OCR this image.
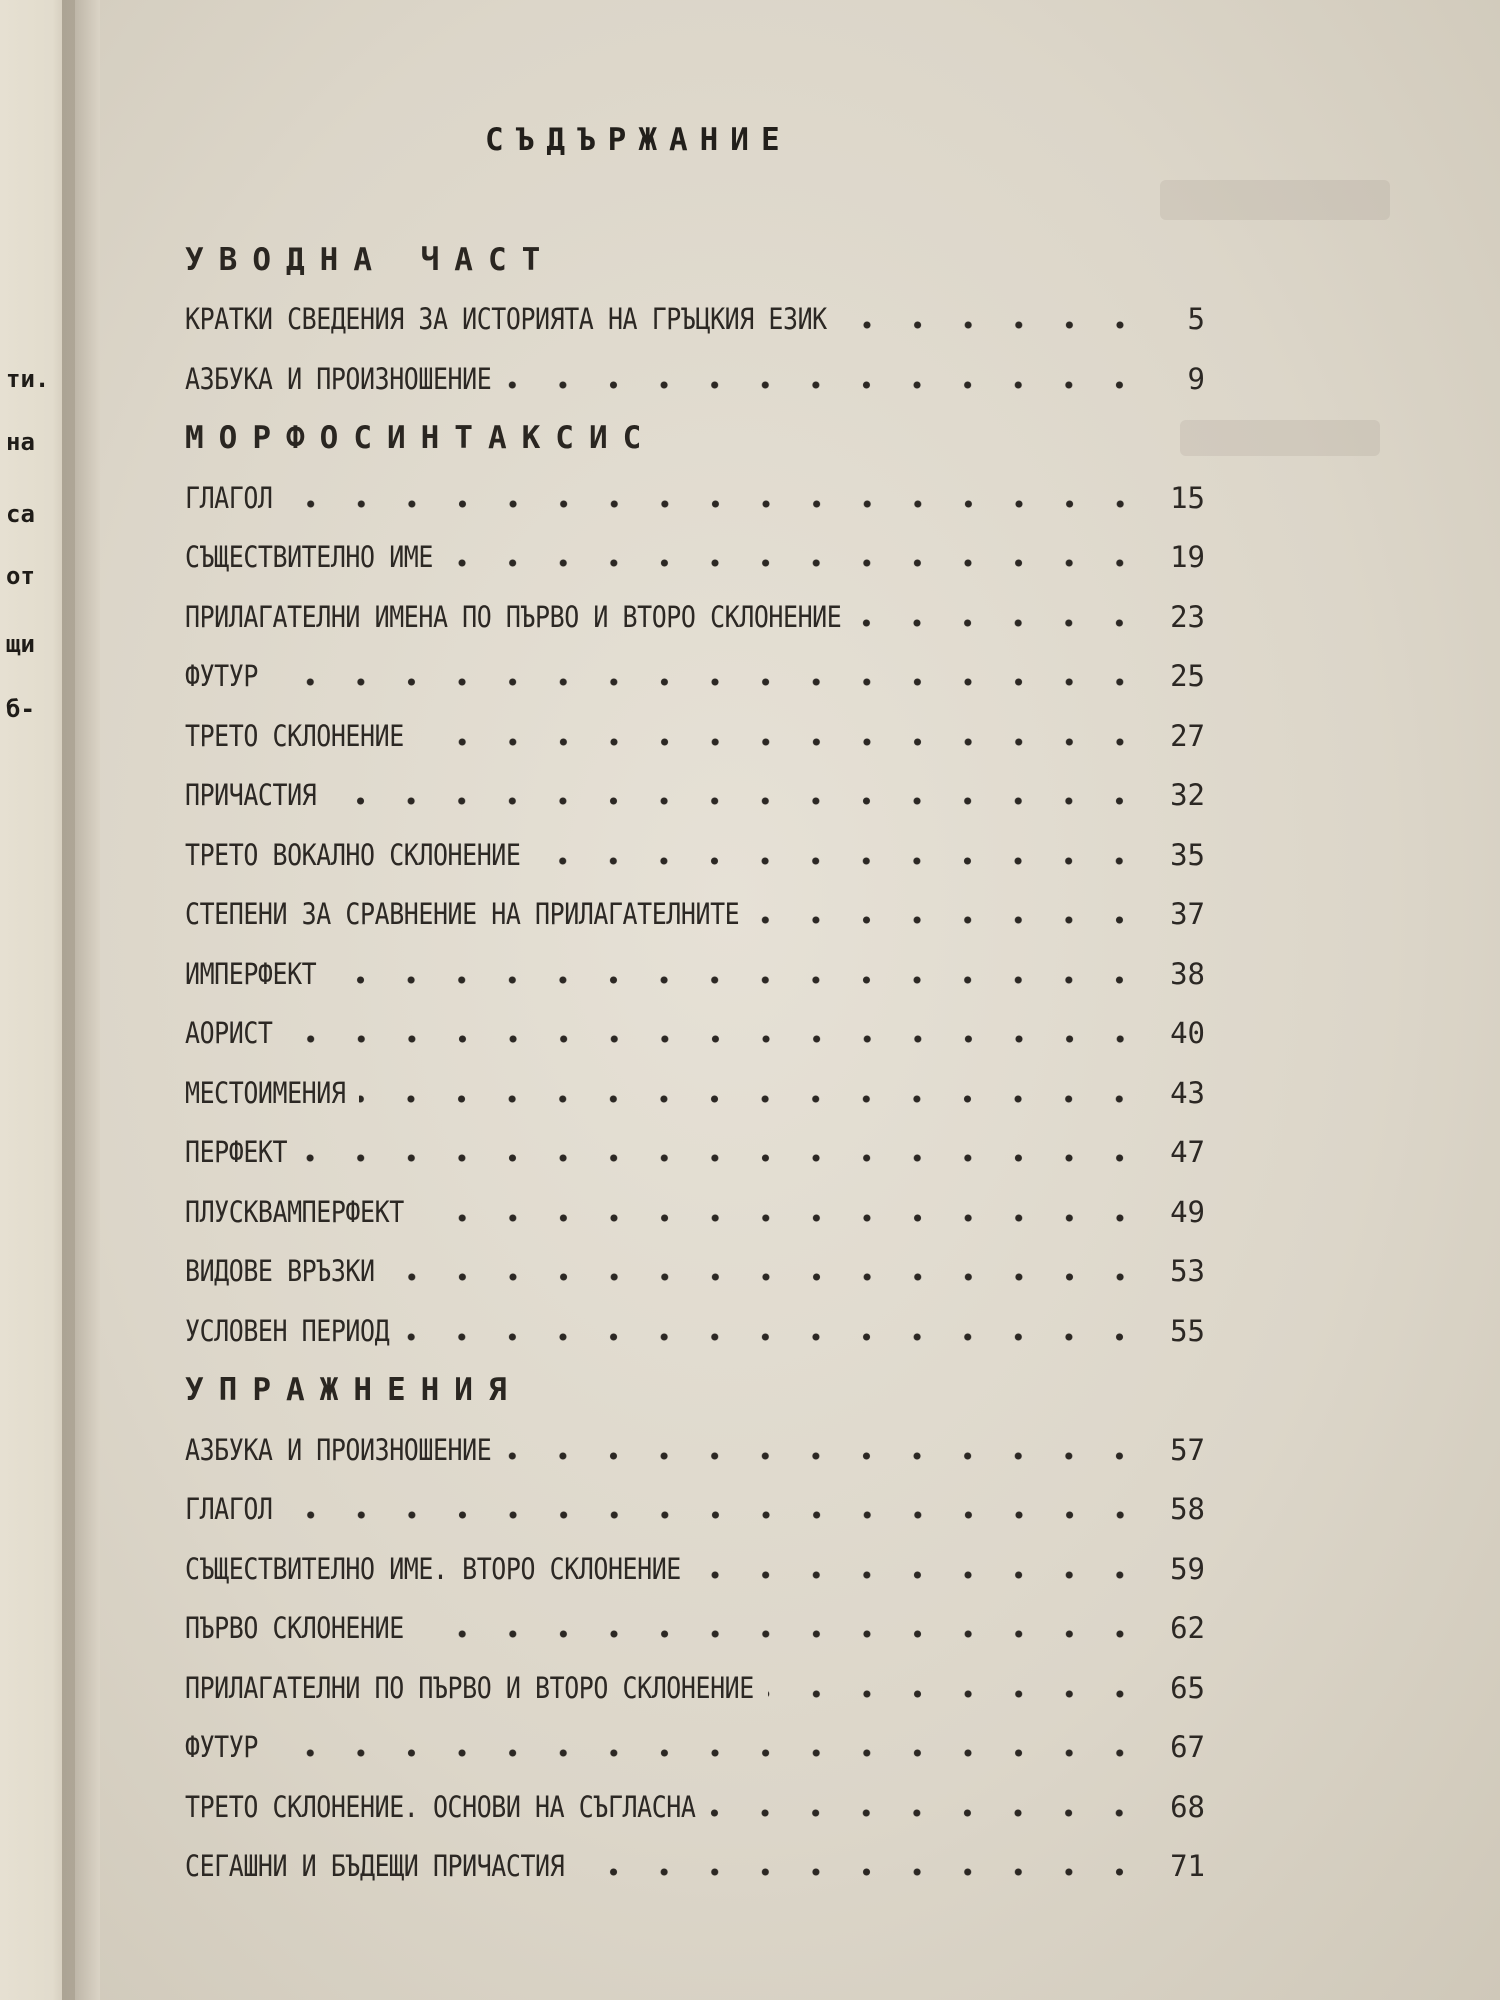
ти.
на
са
от
щи
б-
СЪДЪРЖАНИЕ
УВОДНА ЧАСТ
КРАТКИ СВЕДЕНИЯ ЗА ИСТОРИЯТА НА ГРЪЦКИЯ ЕЗИК	5
АЗБУКА И ПРОИЗНОШЕНИЕ	9
МОРФОСИНТАКСИС
ГЛАГОЛ	15
СЪЩЕСТВИТЕЛНО ИМЕ	19
ПРИЛАГАТЕЛНИ ИМЕНА ПО ПЪРВО И ВТОРО СКЛОНЕНИЕ	23
ФУТУР	25
ТРЕТО СКЛОНЕНИЕ	27
ПРИЧАСТИЯ	32
ТРЕТО ВОКАЛНО СКЛОНЕНИЕ	35
СТЕПЕНИ ЗА СРАВНЕНИЕ НА ПРИЛАГАТЕЛНИТЕ	37
ИМПЕРФЕКТ	38
АОРИСТ	40
МЕСТОИМЕНИЯ	43
ПЕРФЕКТ	47
ПЛУСКВАМПЕРФЕКТ	49
ВИДОВЕ ВРЪЗКИ	53
УСЛОВЕН ПЕРИОД	55
УПРАЖНЕНИЯ
АЗБУКА И ПРОИЗНОШЕНИЕ	57
ГЛАГОЛ	58
СЪЩЕСТВИТЕЛНО ИМЕ. ВТОРО СКЛОНЕНИЕ	59
ПЪРВО СКЛОНЕНИЕ	62
ПРИЛАГАТЕЛНИ ПО ПЪРВО И ВТОРО СКЛОНЕНИЕ	65
ФУТУР	67
ТРЕТО СКЛОНЕНИЕ. ОСНОВИ НА СЪГЛАСНА	68
СЕГАШНИ И БЪДЕЩИ ПРИЧАСТИЯ	71
